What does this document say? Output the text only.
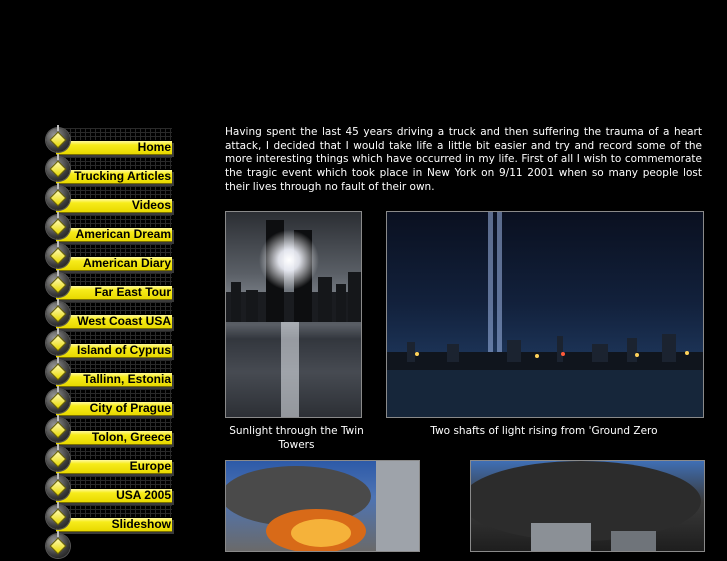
Home
Trucking Articles
Videos
American Dream
American Diary
Far East Tour
West Coast USA
Island of Cyprus
Tallinn, Estonia
City of Prague
Tolon, Greece
Europe
USA 2005
Slideshow

Having spent the last 45 years driving a truck and then suffering the trauma of a heart attack, I decided that I would take life a little bit easier and try and record some of the more interesting things which have occurred in my life. First of all I wish to commemorate the tragic event which took place in New York on 9/11 2001 when so many people lost their lives through no fault of their own.

Sunlight through the Twin Towers
Two shafts of light rising from 'Ground Zero
